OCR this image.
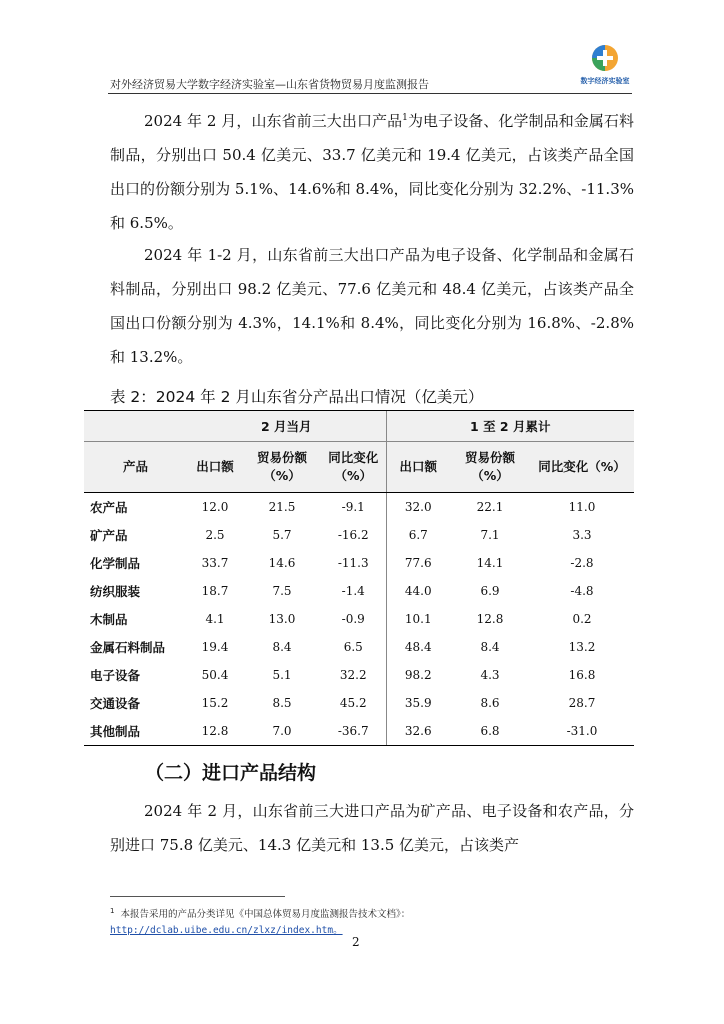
数字经济实验室
对外经济贸易大学数字经济实验室—山东省货物贸易月度监测报告

2024 年 2 月，山东省前三大出口产品$^1$为电子设备、化学制品和金属石料制品，分别出口 50.4 亿美元、33.7 亿美元和 19.4 亿美元，占该类产品全国出口的份额分别为 5.1%、14.6%和 8.4%，同比变化分别为 32.2%、-11.3%和 6.5%。

2024 年 1-2 月，山东省前三大出口产品为电子设备、化学制品和金属石料制品，分别出口 98.2 亿美元、77.6 亿美元和 48.4 亿美元，占该类产品全国出口份额分别为 4.3%，14.1%和 8.4%，同比变化分别为 16.8%、-2.8%和 13.2%。

表 2：2024 年 2 月山东省分产品出口情况（亿美元）
	2 月当月			1 至 2 月累计		
产品	出口额	贸易份额（%）	同比变化（%）	出口额	贸易份额（%）	同比变化（%）
农产品	12.0	21.5	-9.1	32.0	22.1	11.0
矿产品	2.5	5.7	-16.2	6.7	7.1	3.3
化学制品	33.7	14.6	-11.3	77.6	14.1	-2.8
纺织服装	18.7	7.5	-1.4	44.0	6.9	-4.8
木制品	4.1	13.0	-0.9	10.1	12.8	0.2
金属石料制品	19.4	8.4	6.5	48.4	8.4	13.2
电子设备	50.4	5.1	32.2	98.2	4.3	16.8
交通设备	15.2	8.5	45.2	35.9	8.6	28.7
其他制品	12.8	7.0	-36.7	32.6	6.8	-31.0
（二）进口产品结构

2024 年 2 月，山东省前三大进口产品为矿产品、电子设备和农产品，分别进口 75.8 亿美元、14.3 亿美元和 13.5 亿美元，占该类产

$^1$ 本报告采用的产品分类详见《中国总体贸易月度监测报告技术文档》：
http://dclab.uibe.edu.cn/zlxz/index.htm。
2
